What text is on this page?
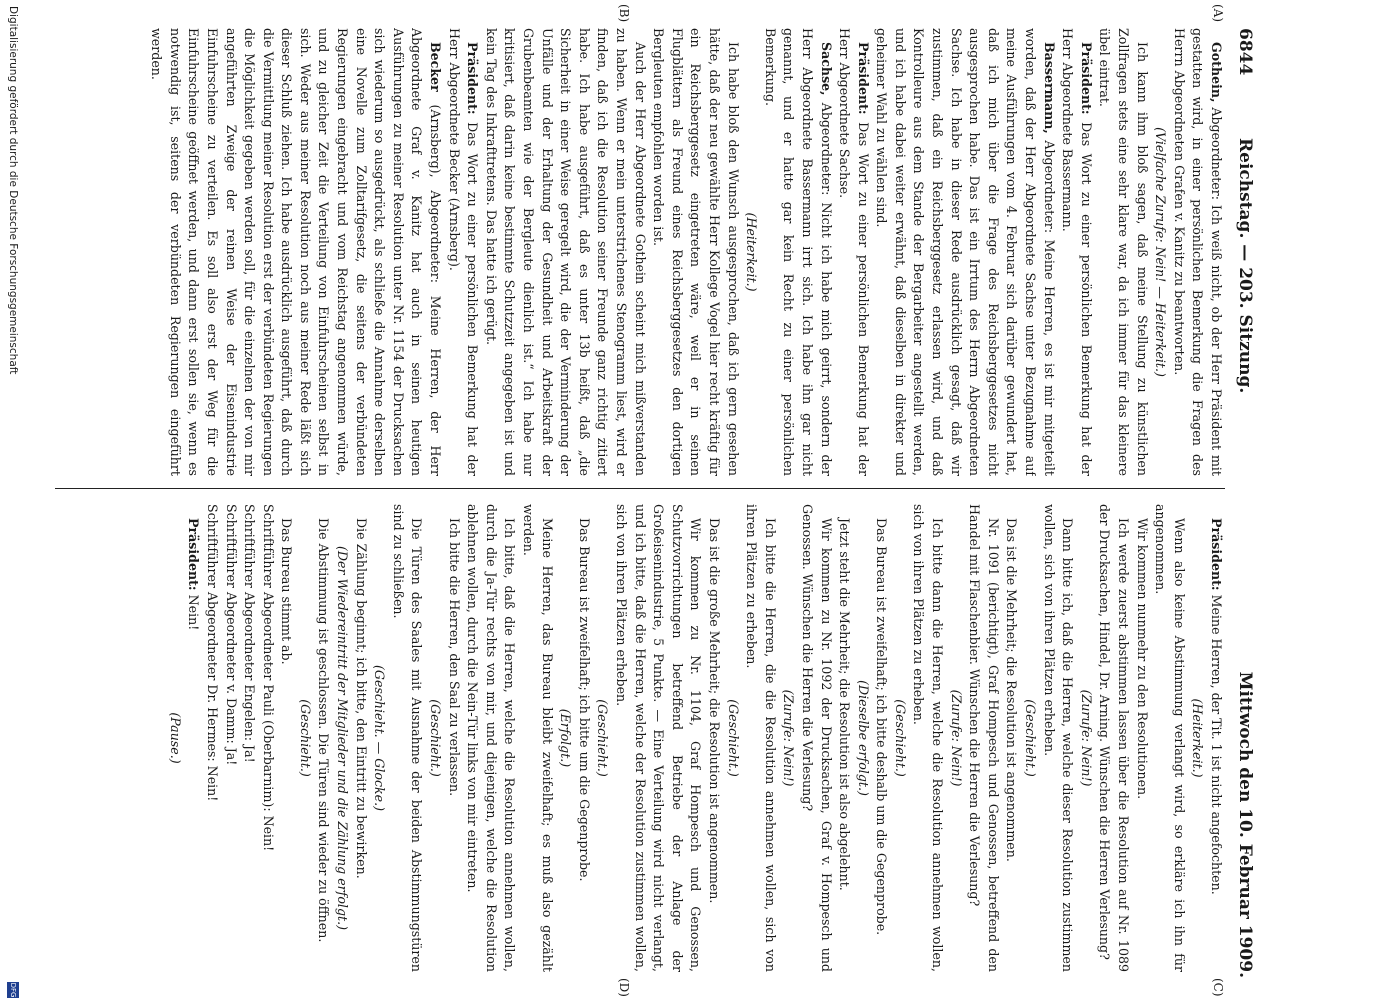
6844
Reichstag. — 203. Sitzung.
Mittwoch den 10. Februar 1909.
(A)
(B)
(C)
(D)

Gothein, Abgeordneter: Ich weiß nicht, ob der Herr Präsident mit gestatten wird, in einer persönlichen Bemerkung die Fragen des Herrn Abgeordneten Grafen v. Kanitz zu beantworten.

(Vielfache Zurufe: Nein! — Heiterkeit.)

Ich kann ihm bloß sagen, daß meine Stellung zu künstlichen Zollfragen stets eine sehr klare war, da ich immer für das kleinere übel eintrat.

Präsident: Das Wort zu einer persönlichen Bemerkung hat der Herr Abgeordnete Bassermann.

Bassermann, Abgeordneter: Meine Herren, es ist mir mitgeteilt worden, daß der Herr Abgeordnete Sachse unter Bezugnahme auf meine Ausführungen vom 4. Februar sich darüber gewundert hat, daß ich mich über die Frage des Reichsberggesetzes nicht ausgesprochen habe. Das ist ein Irrtum des Herrn Abgeordneten Sachse. Ich habe in dieser Rede ausdrücklich gesagt, daß wir zustimmen, daß ein Reichsberggesetz erlassen wird, und daß Kontrolleure aus dem Stande der Bergarbeiter angestellt werden, und ich habe dabei weiter erwähnt, daß dieselben in direkter und geheimer Wahl zu wählen sind.

Präsident: Das Wort zu einer persönlichen Bemerkung hat der Herr Abgeordnete Sachse.

Sachse, Abgeordneter: Nicht ich habe mich geirrt, sondern der Herr Abgeordnete Bassermann irrt sich. Ich habe ihn gar nicht genannt, und er hatte gar kein Recht zu einer persönlichen Bemerkung.

(Heiterkeit.)

Ich habe bloß den Wunsch ausgesprochen, daß ich gern gesehen hätte, daß der neu gewählte Herr Kollege Vogel hier recht kräftig für ein Reichsberggesetz eingetreten wäre, weil er in seinen Flugblättern als Freund eines Reichsberggesetzes den dortigen Bergleuten empfohlen worden ist.

Auch der Herr Abgeordnete Gothein scheint mich mißverstanden zu haben. Wenn er mein unterstrichenes Stenogramm liest, wird er finden, daß ich die Resolution seiner Freunde ganz richtig zitiert habe. Ich habe ausgeführt, daß es unter 13b heißt, daß „die Sicherheit in einer Weise geregelt wird, die der Verminderung der Unfälle und der Erhaltung der Gesundheit und Arbeitskraft der Grubenbeamten wie der Bergleute dienlich ist.“ Ich habe nur kritisiert, daß darin keine bestimmte Schutzzeit angegeben ist und kein Tag des Inkrafttretens. Das hatte ich gerügt.

Präsident: Das Wort zu einer persönlichen Bemerkung hat der Herr Abgeordnete Becker (Arnsberg).

Becker (Arnsberg), Abgeordneter: Meine Herren, der Herr Abgeordnete Graf v. Kanitz hat auch in seinen heutigen Ausführungen zu meiner Resolution unter Nr. 1154 der Drucksachen sich wiederum so ausgedrückt, als schließe die Annahme derselben eine Novelle zum Zolltarifgesetz, die seitens der verbündeten Regierungen eingebracht und vom Reichstag angenommen würde, und zu gleicher Zeit die Verteilung von Einfuhrscheinen selbst in sich. Weder aus meiner Resolution noch aus meiner Rede läßt sich dieser Schluß ziehen. Ich habe ausdrücklich ausgeführt, daß durch die Vermittlung meiner Resolution erst der verbündeten Regierungen die Möglichkeit gegeben werden soll, für die einzelnen der von mir angeführten Zweige der reinen Weise der Eisenindustrie Einfuhrscheine zu verteilen. Es soll also erst der Weg für die Einfuhrscheine geöffnet werden, und dann erst sollen sie, wenn es notwendig ist, seitens der verbündeten Regierungen eingeführt werden.

Präsident: Meine Herren, der Tit. 1 ist nicht angefochten.

(Heiterkeit.)

Wenn also keine Abstimmung verlangt wird, so erkläre ich ihn für angenommen.

Wir kommen nunmehr zu den Resolutionen.

Ich werde zuerst abstimmen lassen über die Resolution auf Nr. 1089 der Drucksachen, Hindel, Dr. Arning. Wünschen die Herren Verlesung?

(Zurufe: Nein!)

Dann bitte ich, daß die Herren, welche dieser Resolution zustimmen wollen, sich von ihren Plätzen erheben.

(Geschieht.)

Das ist die Mehrheit; die Resolution ist angenommen.

Nr. 1091 (berichtigt), Graf Hompesch und Genossen, betreffend den Handel mit Flaschenbier. Wünschen die Herren die Verlesung?

(Zurufe: Nein!)

Ich bitte dann die Herren, welche die Resolution annehmen wollen, sich von ihren Plätzen zu erheben.

(Geschieht.)

Das Bureau ist zweifelhaft; ich bitte deshalb um die Gegenprobe.

(Dieselbe erfolgt.)

Jetzt steht die Mehrheit; die Resolution ist also abgelehnt.

Wir kommen zu Nr. 1092 der Drucksachen, Graf v. Hompesch und Genossen. Wünschen die Herren die Verlesung?

(Zurufe: Nein!)

Ich bitte die Herren, die die Resolution annehmen wollen, sich von ihren Plätzen zu erheben.

(Geschieht.)

Das ist die große Mehrheit; die Resolution ist angenommen.

Wir kommen zu Nr. 1104, Graf Hompesch und Genossen, Schutzvorrichtungen betreffend Betriebe der Anlage der Großeisenindustrie, 5 Punkte. — Eine Verteilung wird nicht verlangt, und ich bitte, daß die Herren, welche der Resolution zustimmen wollen, sich von ihren Plätzen erheben.

(Geschieht.)

Das Bureau ist zweifelhaft; ich bitte um die Gegenprobe.

(Erfolgt.)

Meine Herren, das Bureau bleibt zweifelhaft; es muß also gezählt werden.

Ich bitte, daß die Herren, welche die Resolution annehmen wollen, durch die Ja-Tür rechts von mir, und diejenigen, welche die Resolution ablehnen wollen, durch die Nein-Tür links von mir eintreten.

Ich bitte die Herren, den Saal zu verlassen.

(Geschieht.)

Die Türen des Saales mit Ausnahme der beiden Abstimmungstüren sind zu schließen.

(Geschieht. — Glocke.)

Die Zählung beginnt; ich bitte, den Eintritt zu bewirken.

(Der Wiedereintritt der Mitglieder und die Zählung erfolgt.)

Die Abstimmung ist geschlossen. Die Türen sind wieder zu öffnen.

(Geschieht.)

Das Bureau stimmt ab.

Schriftführer Abgeordneter Pauli (Oberbarnim): Nein!

Schriftführer Abgeordneter Engelen: Ja!

Schriftführer Abgeordneter v. Damm: Ja!

Schriftführer Abgeordneter Dr. Hermes: Nein!

Präsident: Nein!

(Pause.)

Digitalisierung gefördert durch die Deutsche Forschungsgemeinschaft
DFG
